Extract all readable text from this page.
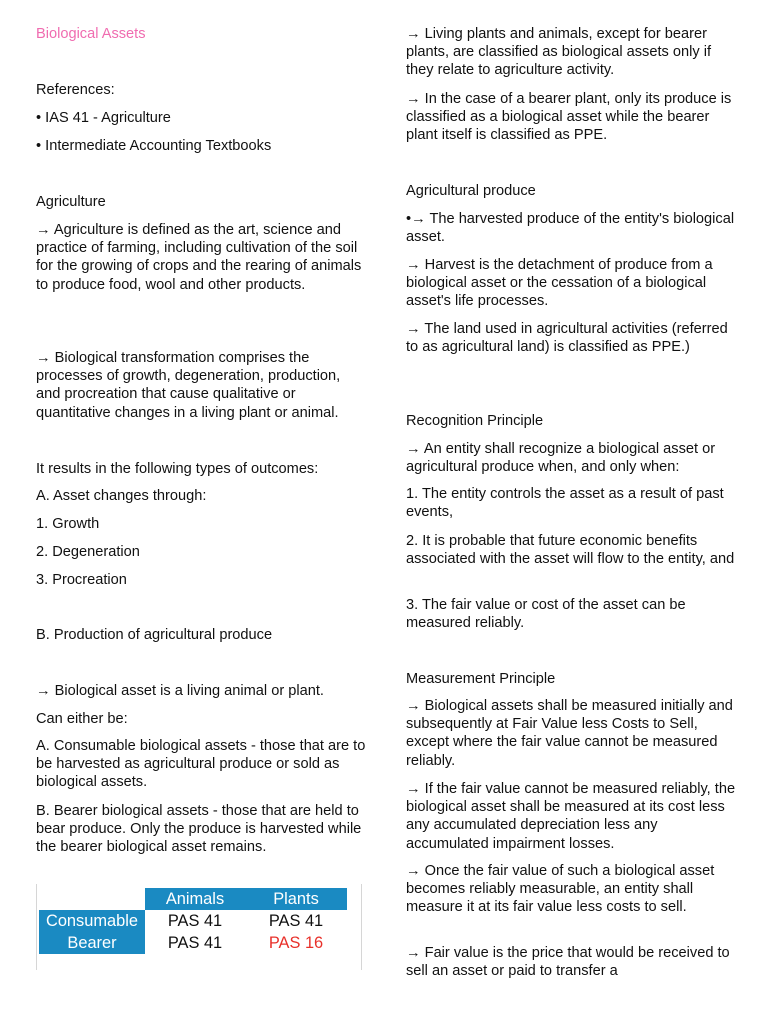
Biological Assets

References:

• IAS 41 - Agriculture

• Intermediate Accounting Textbooks

Agriculture

→ Agriculture is defined as the art, science and practice of farming, including cultivation of the soil for the growing of crops and the rearing of animals to produce food, wool and other products.

→ Biological transformation comprises the processes of growth, degeneration, production, and procreation that cause qualitative or quantitative changes in a living plant or animal.

It results in the following types of outcomes:

A. Asset changes through:

1. Growth

2. Degeneration

3. Procreation

B. Production of agricultural produce

→ Biological asset is a living animal or plant.

Can either be:

A. Consumable biological assets - those that are to be harvested as agricultural produce or sold as biological assets.

B. Bearer biological assets - those that are held to bear produce. Only the produce is harvested while the bearer biological asset remains.

	Animals	Plants
Consumable	PAS 41	PAS 41
Bearer	PAS 41	PAS 16

→ Living plants and animals, except for bearer plants, are classified as biological assets only if they relate to agriculture activity.

→ In the case of a bearer plant, only its produce is classified as a biological asset while the bearer plant itself is classified as PPE.

Agricultural produce

•→ The harvested produce of the entity's biological asset.

→ Harvest is the detachment of produce from a biological asset or the cessation of a biological asset's life processes.

→ The land used in agricultural activities (referred to as agricultural land) is classified as PPE.)

Recognition Principle

→ An entity shall recognize a biological asset or agricultural produce when, and only when:

1. The entity controls the asset as a result of past events,

2. It is probable that future economic benefits associated with the asset will flow to the entity, and

3. The fair value or cost of the asset can be measured reliably.

Measurement Principle

→ Biological assets shall be measured initially and subsequently at Fair Value less Costs to Sell, except where the fair value cannot be measured reliably.

→ If the fair value cannot be measured reliably, the biological asset shall be measured at its cost less any accumulated depreciation less any accumulated impairment losses.

→ Once the fair value of such a biological asset becomes reliably measurable, an entity shall measure it at its fair value less costs to sell.

→ Fair value is the price that would be received to sell an asset or paid to transfer a
